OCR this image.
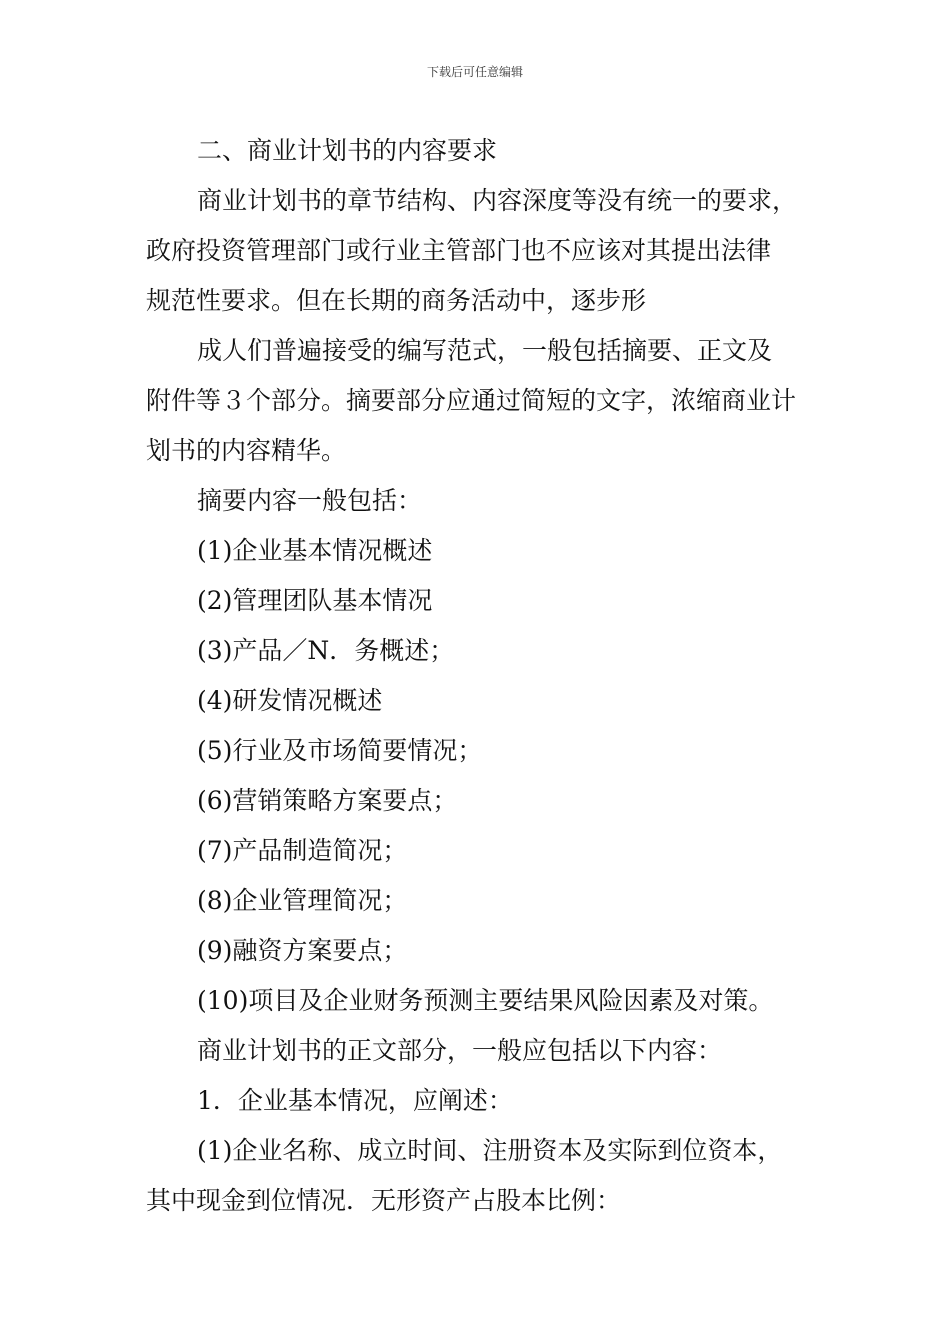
下载后可任意编辑
二、商业计划书的内容要求
商业计划书的章节结构、内容深度等没有统一的要求，
政府投资管理部门或行业主管部门也不应该对其提出法律
规范性要求。但在长期的商务活动中，逐步形
成人们普遍接受的编写范式，一般包括摘要、正文及
附件等３个部分。摘要部分应通过简短的文字，浓缩商业计
划书的内容精华。
摘要内容一般包括：
(1)企业基本情况概述
(2)管理团队基本情况
(3)产品／N．务概述；
(4)研发情况概述
(5)行业及市场简要情况；
(6)营销策略方案要点；
(7)产品制造简况；
(8)企业管理简况；
(9)融资方案要点；
(10)项目及企业财务预测主要结果风险因素及对策。
商业计划书的正文部分，一般应包括以下内容：
1．企业基本情况，应阐述：
(1)企业名称、成立时间、注册资本及实际到位资本，
其中现金到位情况．无形资产占股本比例：
